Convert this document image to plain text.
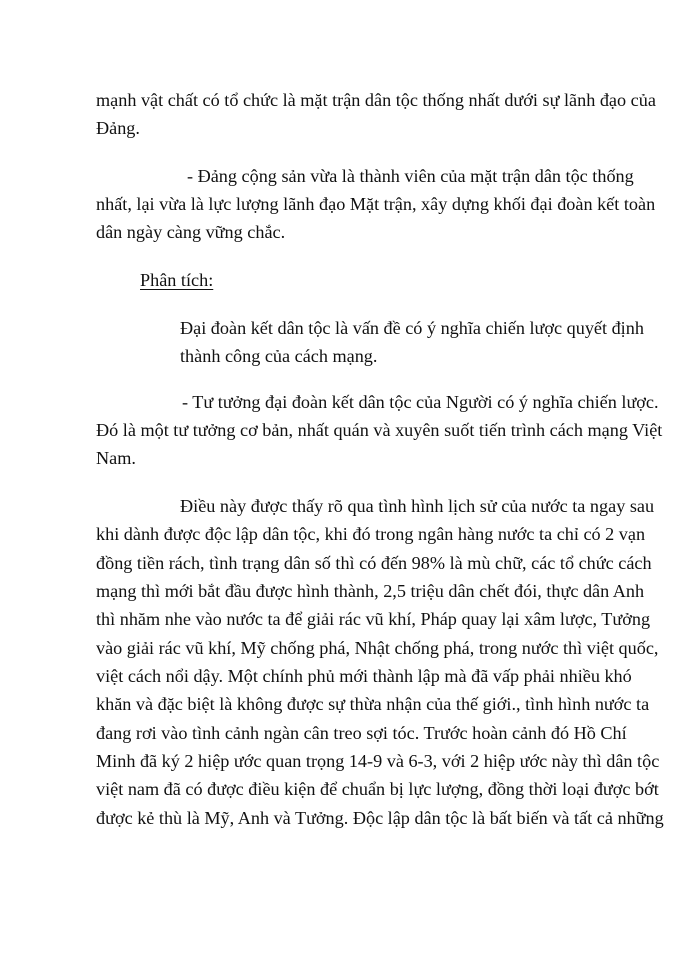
mạnh vật chất có tổ chức là mặt trận dân tộc thống nhất dưới sự lãnh đạo của
Đảng.
- Đảng cộng sản vừa là thành viên của mặt trận dân tộc thống
nhất, lại vừa là lực lượng lãnh đạo Mặt trận, xây dựng khối đại đoàn kết toàn
dân ngày càng vững chắc.
Phân tích:
Đại đoàn kết dân tộc là vấn đề có ý nghĩa chiến lược quyết định
thành công của cách mạng.
- Tư tưởng đại đoàn kết dân tộc của Người có ý nghĩa chiến lược.
Đó là một tư tưởng cơ bản, nhất quán và xuyên suốt tiến trình cách mạng Việt
Nam.
Điều này được thấy rõ qua tình hình lịch sử của nước ta ngay sau
khi dành được độc lập dân tộc, khi đó trong ngân hàng nước ta chỉ có 2 vạn
đồng tiền rách, tình trạng dân số thì có đến 98% là mù chữ, các tổ chức cách
mạng thì mới bắt đầu được hình thành, 2,5 triệu dân chết đói, thực dân Anh
thì nhăm nhe vào nước ta để giải rác vũ khí, Pháp quay lại xâm lược, Tưởng
vào giải rác vũ khí, Mỹ chống phá, Nhật chống phá, trong nước thì việt quốc,
việt cách nổi dậy. Một chính phủ mới thành lập mà đã vấp phải nhiều khó
khăn và đặc biệt là không được sự thừa nhận của thế giới., tình hình nước ta
đang rơi vào tình cảnh ngàn cân treo sợi tóc. Trước hoàn cảnh đó Hồ Chí
Minh đã ký 2 hiệp ước quan trọng 14-9 và 6-3, với 2 hiệp ước này thì dân tộc
việt nam đã có được điều kiện để chuẩn bị lực lượng, đồng thời loại được bớt
được kẻ thù là Mỹ, Anh và Tưởng. Độc lập dân tộc là bất biến và tất cả những
